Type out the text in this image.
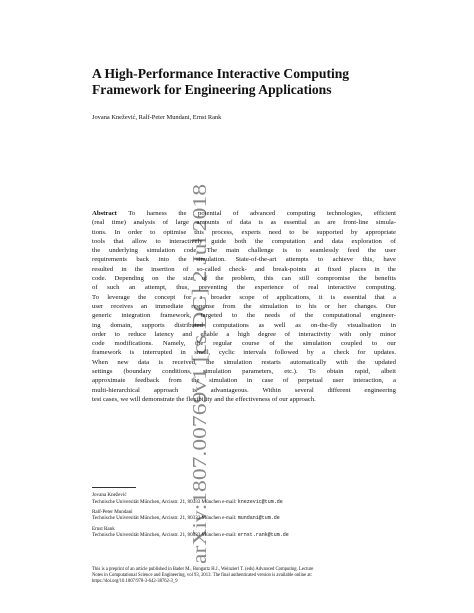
arXiv:1807.00769v1 [cs.DC] 2 Jul 2018
A High-Performance Interactive Computing
Framework for Engineering Applications
Jovana Knežević, Ralf-Peter Mundani, Ernst Rank
Abstract To harness the potential of advanced computing technologies, efficient
(real time) analysis of large amounts of data is as essential as are front-line simula-
tions. In order to optimise this process, experts need to be supported by appropriate
tools that allow to interactively guide both the computation and data exploration of
the underlying simulation code. The main challenge is to seamlessly feed the user
requirements back into the simulation. State-of-the-art attempts to achieve this, have
resulted in the insertion of so-called check- and break-points at fixed places in the
code. Depending on the size of the problem, this can still compromise the benefits
of such an attempt, thus, preventing the experience of real interactive computing.
To leverage the concept for a broader scope of applications, it is essential that a
user receives an immediate response from the simulation to his or her changes. Our
generic integration framework, targeted to the needs of the computational engineer-
ing domain, supports distributed computations as well as on-the-fly visualisation in
order to reduce latency and enable a high degree of interactivity with only minor
code modifications. Namely, the regular course of the simulation coupled to our
framework is interrupted in small, cyclic intervals followed by a check for updates.
When new data is received, the simulation restarts automatically with the updated
settings (boundary conditions, simulation parameters, etc.). To obtain rapid, albeit
approximate feedback from the simulation in case of perpetual user interaction, a
multi-hierarchical approach is advantageous. Within several different engineering
test cases, we will demonstrate the flexibility and the effectiveness of our approach.
Jovana Knežević
Technische Universität München, Arcisstr. 21, 80333 München e-mail: knezevic@tum.de
Ralf-Peter Mundani
Technische Universität München, Arcisstr. 21, 80333 München e-mail: mundani@tum.de
Ernst Rank
Technische Universität München, Arcisstr. 21, 80333 München e-mail: ernst.rank@tum.de
This is a preprint of an article published in Bader M., Bungartz H.J., Weinzierl T. (eds) Advanced Computing. Lecture
Notes in Computational Science and Engineering, vol 93, 2013. The final authenticated version is available online at:
https://doi.org/10.1007/978-3-642-38762-3_9
